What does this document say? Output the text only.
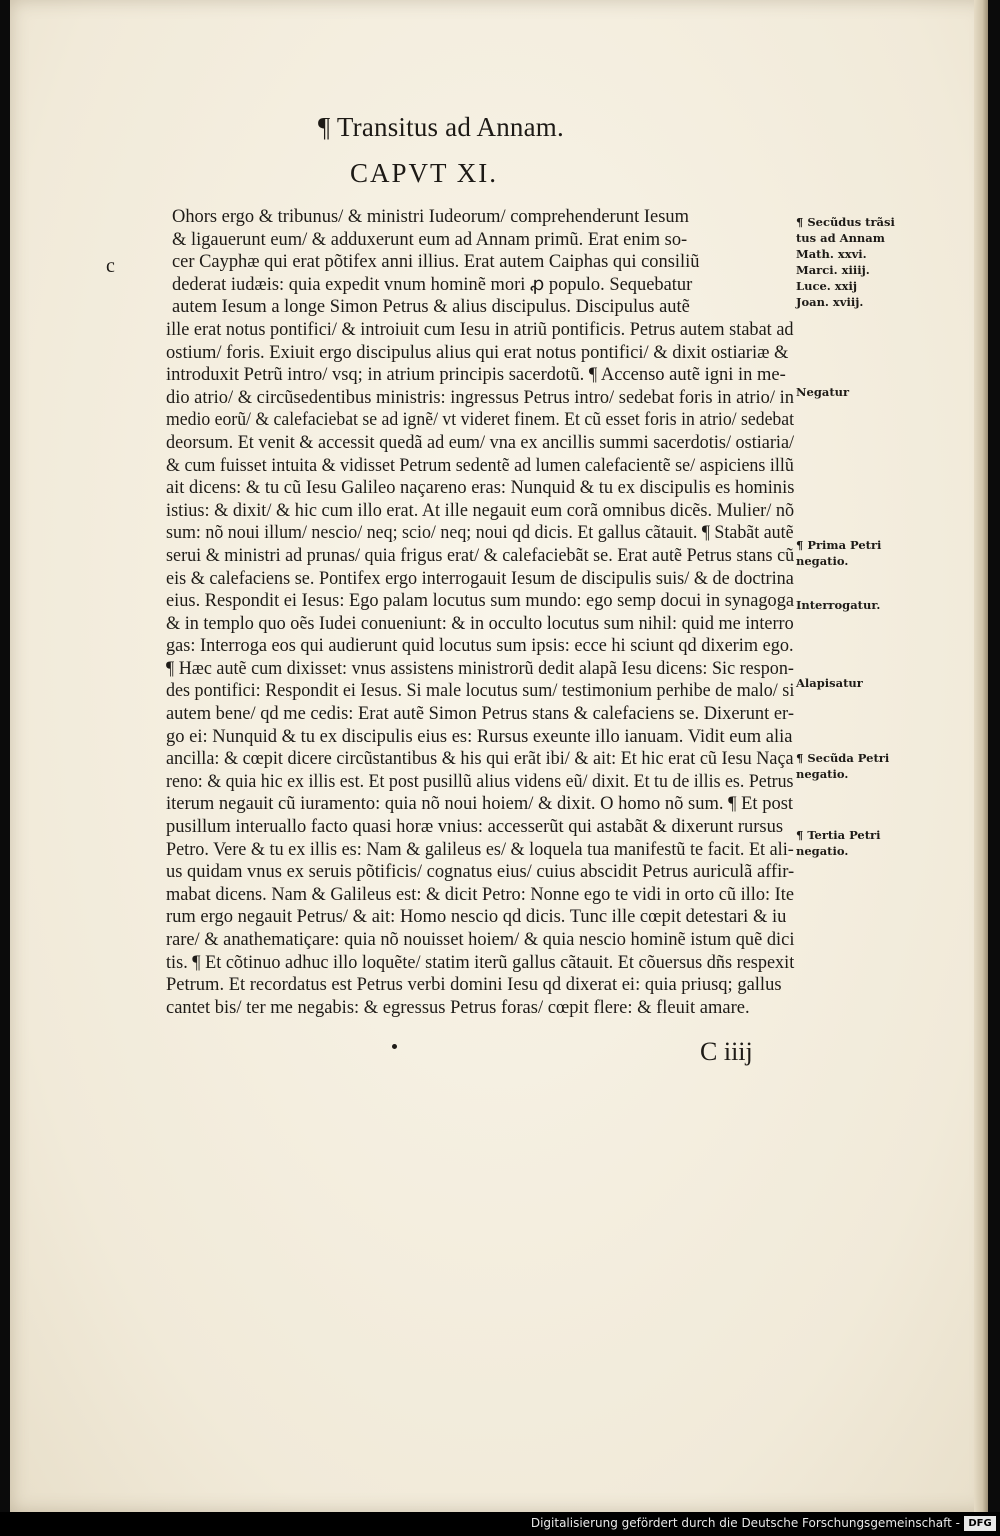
¶ Transitus ad Annam.
CAPVT XI.
c
Ohors ergo & tribunus/ & ministri Iudeorum/ comprehenderunt Iesum
& ligauerunt eum/ & adduxerunt eum ad Annam primũ. Erat enim so-
cer Cayphæ qui erat põtifex anni illius. Erat autem Caiphas qui consiliũ
dederat iudæis: quia expedit vnum hominẽ mori ꝓ populo. Sequebatur
autem Iesum a longe Simon Petrus & alius discipulus. Discipulus autẽ
ille erat notus pontifici/ & introiuit cum Iesu in atriũ pontificis. Petrus autem stabat ad
ostium/ foris. Exiuit ergo discipulus alius qui erat notus pontifici/ & dixit ostiariæ &
introduxit Petrũ intro/ vsq; in atrium principis sacerdotũ. ¶ Accenso autẽ igni in me-
dio atrio/ & circũsedentibus ministris: ingressus Petrus intro/ sedebat foris in atrio/ in
medio eorũ/ & calefaciebat se ad ignẽ/ vt videret finem. Et cũ esset foris in atrio/ sedebat
deorsum. Et venit & accessit quedã ad eum/ vna ex ancillis summi sacerdotis/ ostiaria/
& cum fuisset intuita & vidisset Petrum sedentẽ ad lumen calefacientẽ se/ aspiciens illũ
ait dicens: & tu cũ Iesu Galileo naçareno eras: Nunquid & tu ex discipulis es hominis
istius: & dixit/ & hic cum illo erat. At ille negauit eum corã omnibus dicẽs. Mulier/ nõ
sum: nõ noui illum/ nescio/ neq; scio/ neq; noui qd dicis. Et gallus cãtauit. ¶ Stabãt autẽ
serui & ministri ad prunas/ quia frigus erat/ & calefaciebãt se. Erat autẽ Petrus stans cũ
eis & calefaciens se. Pontifex ergo interrogauit Iesum de discipulis suis/ & de doctrina
eius. Respondit ei Iesus: Ego palam locutus sum mundo: ego semp docui in synagoga
& in templo quo oẽs Iudei conueniunt: & in occulto locutus sum nihil: quid me interro
gas: Interroga eos qui audierunt quid locutus sum ipsis: ecce hi sciunt qd dixerim ego.
¶ Hæc autẽ cum dixisset: vnus assistens ministrorũ dedit alapã Iesu dicens: Sic respon-
des pontifici: Respondit ei Iesus. Si male locutus sum/ testimonium perhibe de malo/ si
autem bene/ qd me cedis: Erat autẽ Simon Petrus stans & calefaciens se. Dixerunt er-
go ei: Nunquid & tu ex discipulis eius es: Rursus exeunte illo ianuam. Vidit eum alia
ancilla: & cœpit dicere circũstantibus & his qui erãt ibi/ & ait: Et hic erat cũ Iesu Naça
reno: & quia hic ex illis est. Et post pusillũ alius videns eũ/ dixit. Et tu de illis es. Petrus
iterum negauit cũ iuramento: quia nõ noui hoiem/ & dixit. O homo nõ sum. ¶ Et post
pusillum interuallo facto quasi horæ vnius: accesserũt qui astabãt & dixerunt rursus
Petro. Vere & tu ex illis es: Nam & galileus es/ & loquela tua manifestũ te facit. Et ali-
us quidam vnus ex seruis põtificis/ cognatus eius/ cuius abscidit Petrus auriculã affir-
mabat dicens. Nam & Galileus est: & dicit Petro: Nonne ego te vidi in orto cũ illo: Ite
rum ergo negauit Petrus/ & ait: Homo nescio qd dicis. Tunc ille cœpit detestari & iu
rare/ & anathematiçare: quia nõ nouisset hoiem/ & quia nescio hominẽ istum quẽ dici
tis. ¶ Et cõtinuo adhuc illo loquẽte/ statim iterũ gallus cãtauit. Et cõuersus dñs respexit
Petrum. Et recordatus est Petrus verbi domini Iesu qd dixerat ei: quia priusq; gallus
cantet bis/ ter me negabis: & egressus Petrus foras/ cœpit flere: & fleuit amare.
¶ Secũdus trãsi
tus ad Annam
Math. xxvi.
Marci. xiiij.
Luce. xxij
Joan. xviij.
Negatur
¶ Prima Petri
negatio.
Interrogatur.
Alapisatur
¶ Secũda Petri
negatio.
¶ Tertia Petri
negatio.
C iiij
Digitalisierung gefördert durch die Deutsche Forschungsgemeinschaft - DFG
